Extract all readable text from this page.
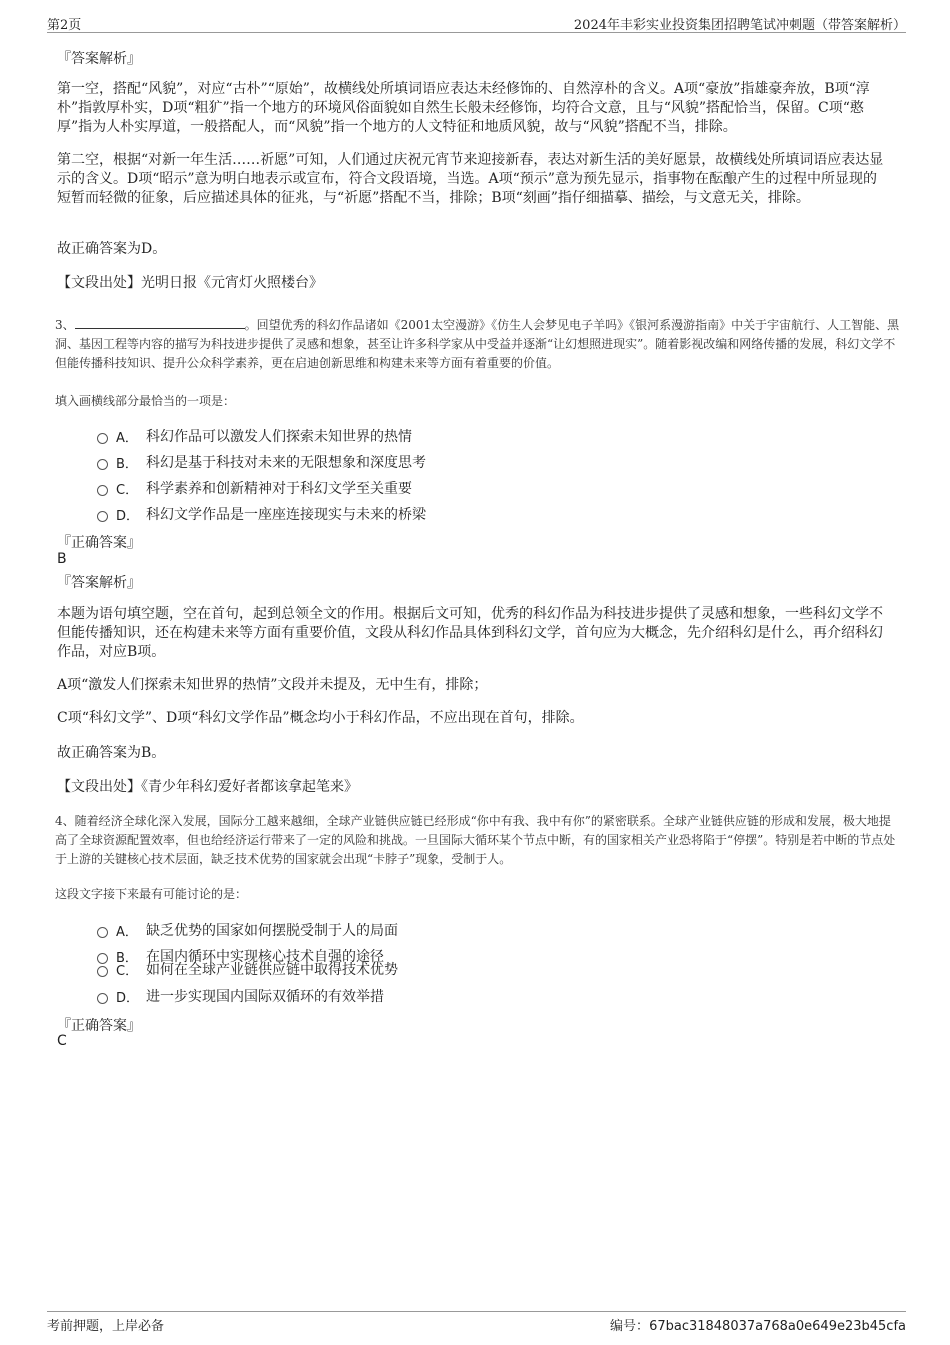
第2页	2024年丰彩实业投资集团招聘笔试冲刺题（带答案解析）
『答案解析』
第一空，搭配“风貌”，对应“古朴”“原始”，故横线处所填词语应表达未经修饰的、自然淳朴的含义。A项“豪放”指雄豪奔放，B项“淳朴”指敦厚朴实，D项“粗犷”指一个地方的环境风俗面貌如自然生长般未经修饰，均符合文意，且与“风貌”搭配恰当，保留。C项“憨厚”指为人朴实厚道，一般搭配人，而“风貌”指一个地方的人文特征和地质风貌，故与“风貌”搭配不当，排除。
第二空，根据“对新一年生活……祈愿”可知，人们通过庆祝元宵节来迎接新春，表达对新生活的美好愿景，故横线处所填词语应表达显示的含义。D项“昭示”意为明白地表示或宣布，符合文段语境，当选。A项“预示”意为预先显示，指事物在酝酿产生的过程中所显现的短暂而轻微的征象，后应描述具体的征兆，与“祈愿”搭配不当，排除；B项“刻画”指仔细描摹、描绘，与文意无关，排除。
故正确答案为D。
【文段出处】光明日报《元宵灯火照楼台》
3、	。回望优秀的科幻作品诸如《2001太空漫游》《仿生人会梦见电子羊吗》《银河系漫游指南》中关于宇宙航行、人工智能、黑洞、基因工程等内容的描写为科技进步提供了灵感和想象，甚至让许多科学家从中受益并逐渐“让幻想照进现实”。随着影视改编和网络传播的发展，科幻文学不但能传播科技知识、提升公众科学素养，更在启迪创新思维和构建未来等方面有着重要的价值。
填入画横线部分最恰当的一项是：
A． 科幻作品可以激发人们探索未知世界的热情
B． 科幻是基于科技对未来的无限想象和深度思考
C． 科学素养和创新精神对于科幻文学至关重要
D． 科幻文学作品是一座座连接现实与未来的桥梁
『正确答案』
B
『答案解析』
本题为语句填空题，空在首句，起到总领全文的作用。根据后文可知，优秀的科幻作品为科技进步提供了灵感和想象，一些科幻文学不但能传播知识，还在构建未来等方面有重要价值，文段从科幻作品具体到科幻文学，首句应为大概念，先介绍科幻是什么，再介绍科幻作品，对应B项。
A项“激发人们探索未知世界的热情”文段并未提及，无中生有，排除；
C项“科幻文学”、D项“科幻文学作品”概念均小于科幻作品，不应出现在首句，排除。
故正确答案为B。
【文段出处】《青少年科幻爱好者都该拿起笔来》
4、随着经济全球化深入发展，国际分工越来越细，全球产业链供应链已经形成“你中有我、我中有你”的紧密联系。全球产业链供应链的形成和发展，极大地提高了全球资源配置效率，但也给经济运行带来了一定的风险和挑战。一旦国际大循环某个节点中断，有的国家相关产业恐将陷于“停摆”。特别是若中断的节点处于上游的关键核心技术层面，缺乏技术优势的国家就会出现“卡脖子”现象，受制于人。
这段文字接下来最有可能讨论的是：
A． 缺乏优势的国家如何摆脱受制于人的局面
B． 在国内循环中实现核心技术自强的途径
C． 如何在全球产业链供应链中取得技术优势
D． 进一步实现国内国际双循环的有效举措
『正确答案』
C
考前押题，上岸必备	编号：67bac31848037a768a0e649e23b45cfa
